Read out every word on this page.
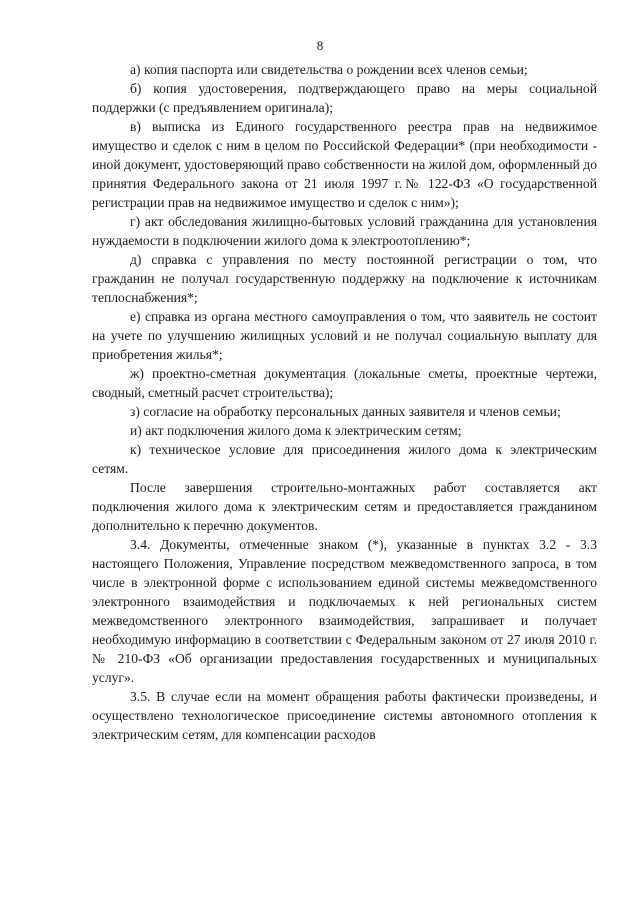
8

а) копия паспорта или свидетельства о рождении всех членов семьи;

б) копия удостоверения, подтверждающего право на меры социальной поддержки (с предъявлением оригинала);

в) выписка из Единого государственного реестра прав на недвижимое имущество и сделок с ним в целом по Российской Федерации* (при необходимости - иной документ, удостоверяющий право собственности на жилой дом, оформленный до принятия Федерального закона от 21 июля 1997 г.№ 122-ФЗ «О государственной регистрации прав на недвижимое имущество и сделок с ним»);

г) акт обследования жилищно-бытовых условий гражданина для установления нуждаемости в подключении жилого дома к электроотоплению*;

д) справка с управления по месту постоянной регистрации о том, что гражданин не получал государственную поддержку на подключение к источникам теплоснабжения*;

е) справка из органа местного самоуправления о том, что заявитель не состоит на учете по улучшению жилищных условий и не получал социальную выплату для приобретения жилья*;

ж) проектно-сметная документация (локальные сметы, проектные чертежи, сводный, сметный расчет строительства);

з) согласие на обработку персональных данных заявителя и членов семьи;

и) акт подключения жилого дома к электрическим сетям;

к) техническое условие для присоединения жилого дома к электрическим сетям.

После завершения строительно-монтажных работ составляется акт подключения жилого дома к электрическим сетям и предоставляется гражданином дополнительно к перечню документов.

3.4. Документы, отмеченные знаком (*), указанные в пунктах 3.2 - 3.3 настоящего Положения, Управление посредством межведомственного запроса, в том числе в электронной форме с использованием единой системы межведомственного электронного взаимодействия и подключаемых к ней региональных систем межведомственного электронного взаимодействия, запрашивает и получает необходимую информацию в соответствии с Федеральным законом от 27 июля 2010 г. № 210-ФЗ «Об организации предоставления государственных и муниципальных услуг».

3.5. В случае если на момент обращения работы фактически произведены, и осуществлено технологическое присоединение системы автономного отопления к электрическим сетям, для компенсации расходов
